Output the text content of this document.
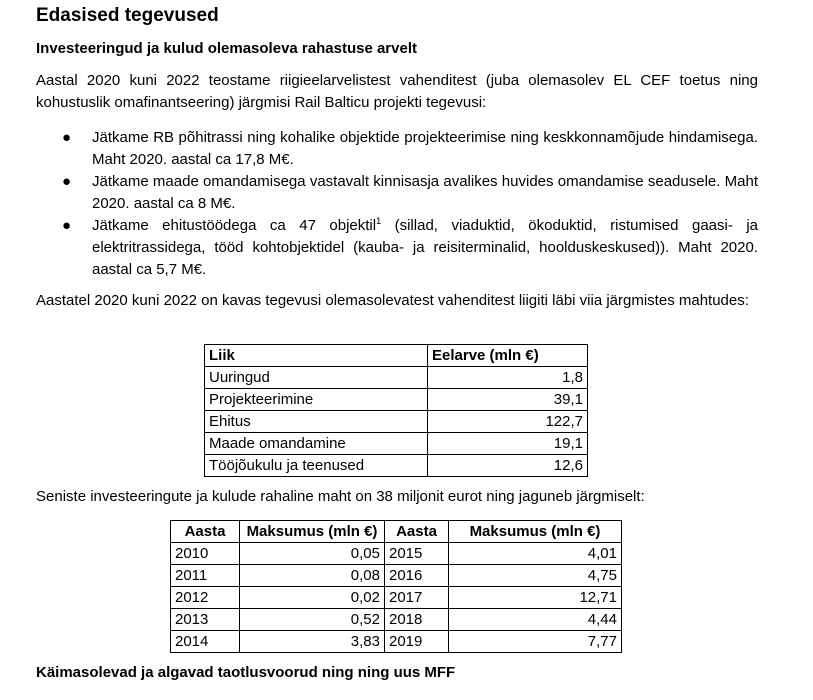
Edasised tegevused
Investeeringud ja kulud olemasoleva rahastuse arvelt

Aastal 2020 kuni 2022 teostame riigieelarvelistest vahenditest (juba olemasolev EL CEF toetus ning kohustuslik omafinantseering) järgmisi Rail Balticu projekti tegevusi:

● Jätkame RB põhitrassi ning kohalike objektide projekteerimise ning keskkonnamõjude hindamisega. Maht 2020. aastal ca 17,8 M€.

● Jätkame maade omandamisega vastavalt kinnisasja avalikes huvides omandamise seadusele. Maht 2020. aastal ca 8 M€.

● Jätkame ehitustöödega ca 47 objektil$^1$ (sillad, viaduktid, ökoduktid, ristumised gaasi- ja elektritrassidega, tööd kohtobjektidel (kauba- ja reisiterminalid, hoolduskeskused)). Maht 2020. aastal ca 5,7 M€.

Aastatel 2020 kuni 2022 on kavas tegevusi olemasolevatest vahenditest liigiti läbi viia järgmistes mahtudes:

Liik	Eelarve (mln €)
Uuringud	1,8
Projekteerimine	39,1
Ehitus	122,7
Maade omandamine	19,1
Tööjõukulu ja teenused	12,6

Seniste investeeringute ja kulude rahaline maht on 38 miljonit eurot ning jaguneb järgmiselt:

Aasta	Maksumus (mln €)	Aasta	Maksumus (mln €)
2010	0,05	2015	4,01
2011	0,08	2016	4,75
2012	0,02	2017	12,71
2013	0,52	2018	4,44
2014	3,83	2019	7,77
Käimasolevad ja algavad taotlusvoorud ning ning uus MFF
